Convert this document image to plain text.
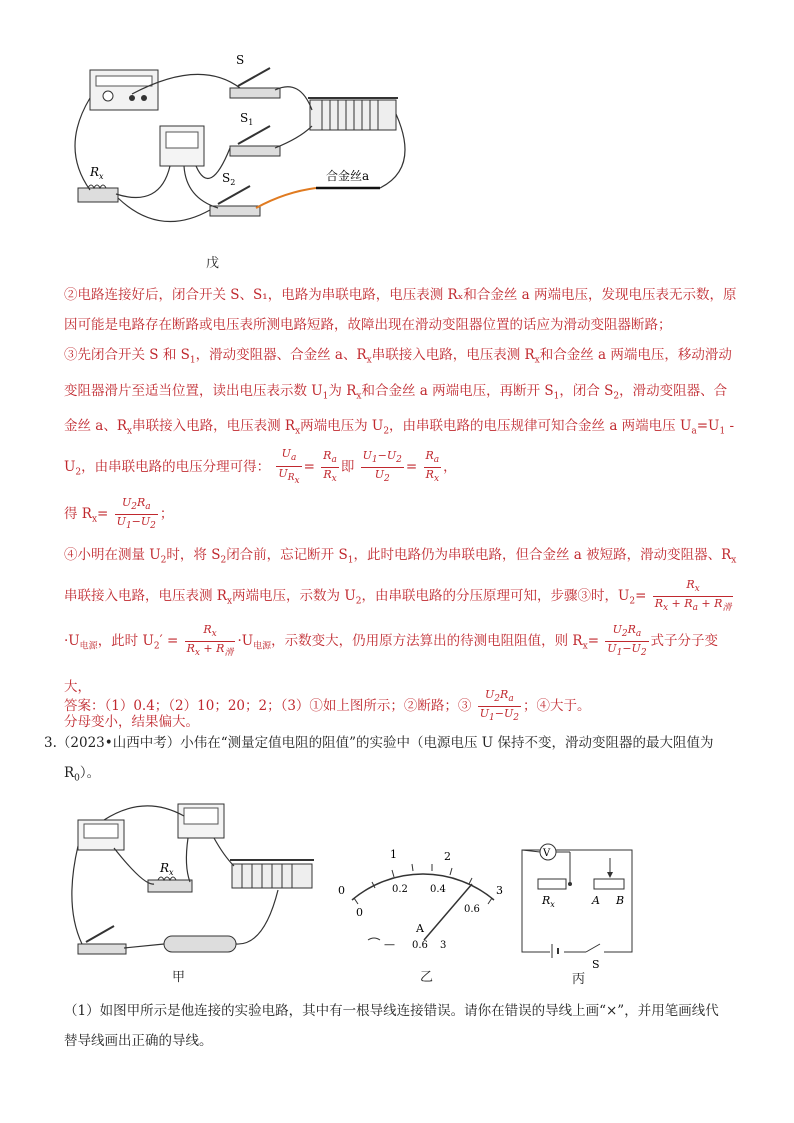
S
$S_1$
$S_2$
$R_x$	合金丝a
戊
②电路连接好后，闭合开关 S、S₁，电路为串联电路，电压表测 Rₓ和合金丝 a 两端电压，发现电压表无示数，原因可能是电路存在断路或电压表所测电路短路，故障出现在滑动变阻器位置的话应为滑动变阻器断路；
③先闭合开关 S 和 $S_1$，滑动变阻器、合金丝 a、$R_x$串联接入电路，电压表测 $R_x$和合金丝 a 两端电压，移动滑动
变阻器滑片至适当位置，读出电压表示数 $U_1$为 $R_x$和合金丝 a 两端电压，再断开 $S_1$，闭合 $S_2$，滑动变阻器、合
金丝 a、$R_x$串联接入电路，电压表测 $R_x$两端电压为 $U_2$，由串联电路的电压规律可知合金丝 a 两端电压 $U_a=U_1$ -
$U_2$，由串联电路的电压分理可得： $\frac{U_a}{U_{R_x}} = \frac{R_a}{R_x}$ 即 $\frac{U_1-U_2}{U_2} = \frac{R_a}{R_x}$ ，
得 $R_x= \frac{U_2R_a}{U_1-U_2}$ ；
④小明在测量 $U_2$时，将 $S_2$闭合前，忘记断开 $S_1$，此时电路仍为串联电路，但合金丝 a 被短路，滑动变阻器、$R_x$
串联接入电路，电压表测 $R_x$两端电压，示数为 $U_2$，由串联电路的分压原理可知，步骤③时，$U_2= \frac{R_x}{R_x + R_a + R_滑}$
$\cdot U_{电源}$，此时 $U_2' = \frac{R_x}{R_x + R_滑} \cdot U_{电源}$，示数变大，仍用原方法算出的待测电阻阻值，则 $R_x= \frac{U_2R_a}{U_1-U_2}$ 式子分子变大，
分母变小，结果偏大。
答案：（1）0.4；（2）10；20；2；（3）①如上图所示；②断路；③ $\frac{U_2R_a}{U_1-U_2}$ ；④大于。
3.（2023•山西中考）小伟在“测量定值电阻的阻值”的实验中（电源电压 U 保持不变，滑动变阻器的最大阻值为
$R_0$）。
$R_x$
甲
1	2
0	3
0
0.2 0.4
0.6
A
— 0.6 3
乙
V
$R_x$	A B
S
丙
（1）如图甲所示是他连接的实验电路，其中有一根导线连接错误。请你在错误的导线上画“×”，并用笔画线代
替导线画出正确的导线。
